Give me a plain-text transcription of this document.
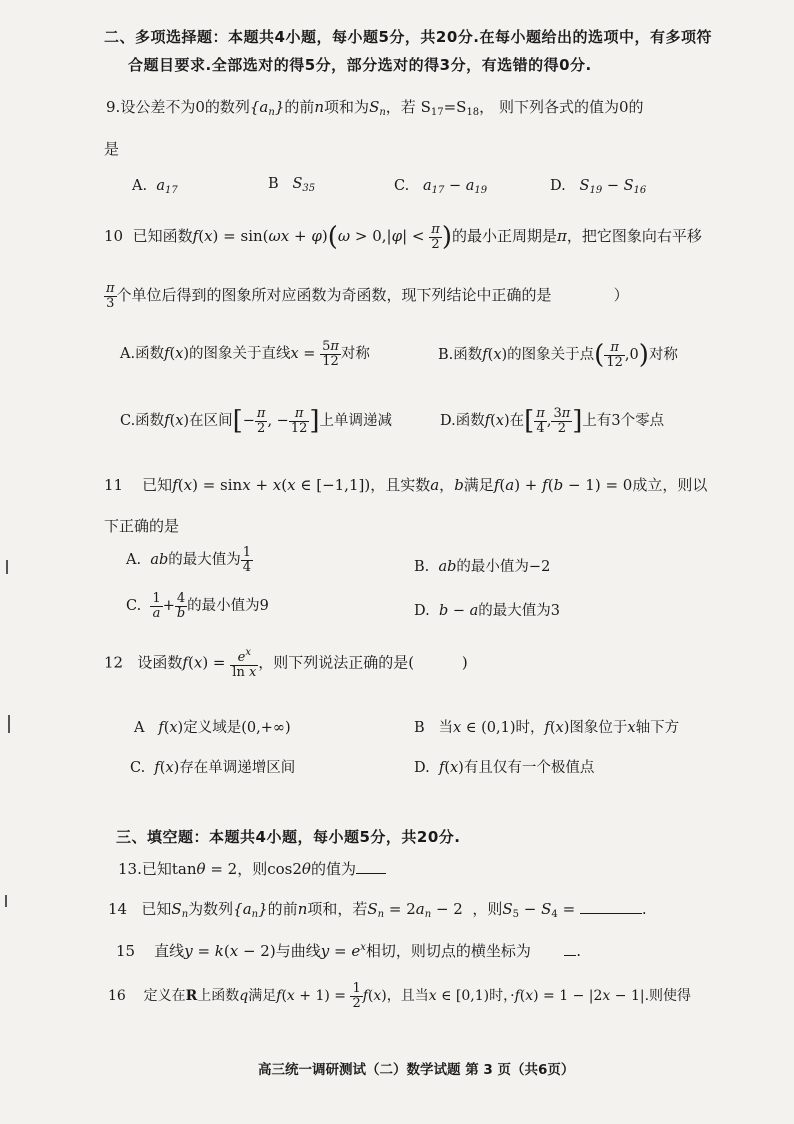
二、多项选择题：本题共4小题，每小题5分，共20分.在每小题给出的选项中，有多项符
合题目要求.全部选对的得5分，部分选对的得3分，有选错的得0分.
9.设公差不为0的数列$\{a_n\}$的前n项和为$S_n$，若 $S_{17}=S_{18}$， 则下列各式的值为0的
是
A. $a_{17}$	B $S_{35}$	C. $a_{17} - a_{19}$	D. $S_{19} - S_{16}$
10 已知函数$f(x) = \sin(\omega x + \varphi)(\omega > 0,|\varphi| < \frac{\pi}{2}$ )的最小正周期是π，把它图象向右平移
$\frac{\pi}{3}$ 个单位后得到的图象所对应函数为奇函数，现下列结论中正确的是	）
A.函数f(x)的图象关于直线$x = \frac{5\pi}{12}$ 对称	B.函数f(x)的图象关于点( $\frac{\pi}{12} ,0$)对称
C.函数f(x)在区间[− $\frac{\pi}{2}$ , − $\frac{\pi}{12}$ ]上单调递减	D.函数f(x)在[ $\frac{\pi}{4}$ , $\frac{3\pi}{2}$ ]上有3个零点
11 已知f(x) = sinx + x(x ∈ [−1,1])，且实数a，b满足f(a) + f(b − 1) = 0成立，则以
下正确的是
A. ab的最大值为 $\frac{1}{4}$	B. ab的最小值为−2
C. $\frac{1}{a} + \frac{4}{b}$ 的最小值为9	D. b − a的最大值为3
12 设函数$f(x) = \frac{e^x}{\text{ln x}}$ ，则下列说法正确的是(	)
A f(x)定义域是(0,+∞)	B 当x ∈ (0,1)时，f(x)图象位于x轴下方
C. f(x)存在单调递增区间	D. f(x)有且仅有一个极值点
三、填空题：本题共4小题，每小题5分，共20分.
13.已知tanθ = 2，则cos2θ的值为
14 已知$S_n$为数列$\{a_n\}$的前n项和，若$S_n = 2a_n - 2$  ，则$S_5 - S_4$ =	.
15 直线y = k(x − 2)与曲线$y = e^x$相切，则切点的横坐标为	.
16 定义在R上函数q满足$f(x + 1) = \frac{1}{2} f(x)$，且当x ∈ [0,1)时，·f(x) = 1 − |2x − 1|.则使得
高三统一调研测试（二）数学试题 第 3 页（共6页）
